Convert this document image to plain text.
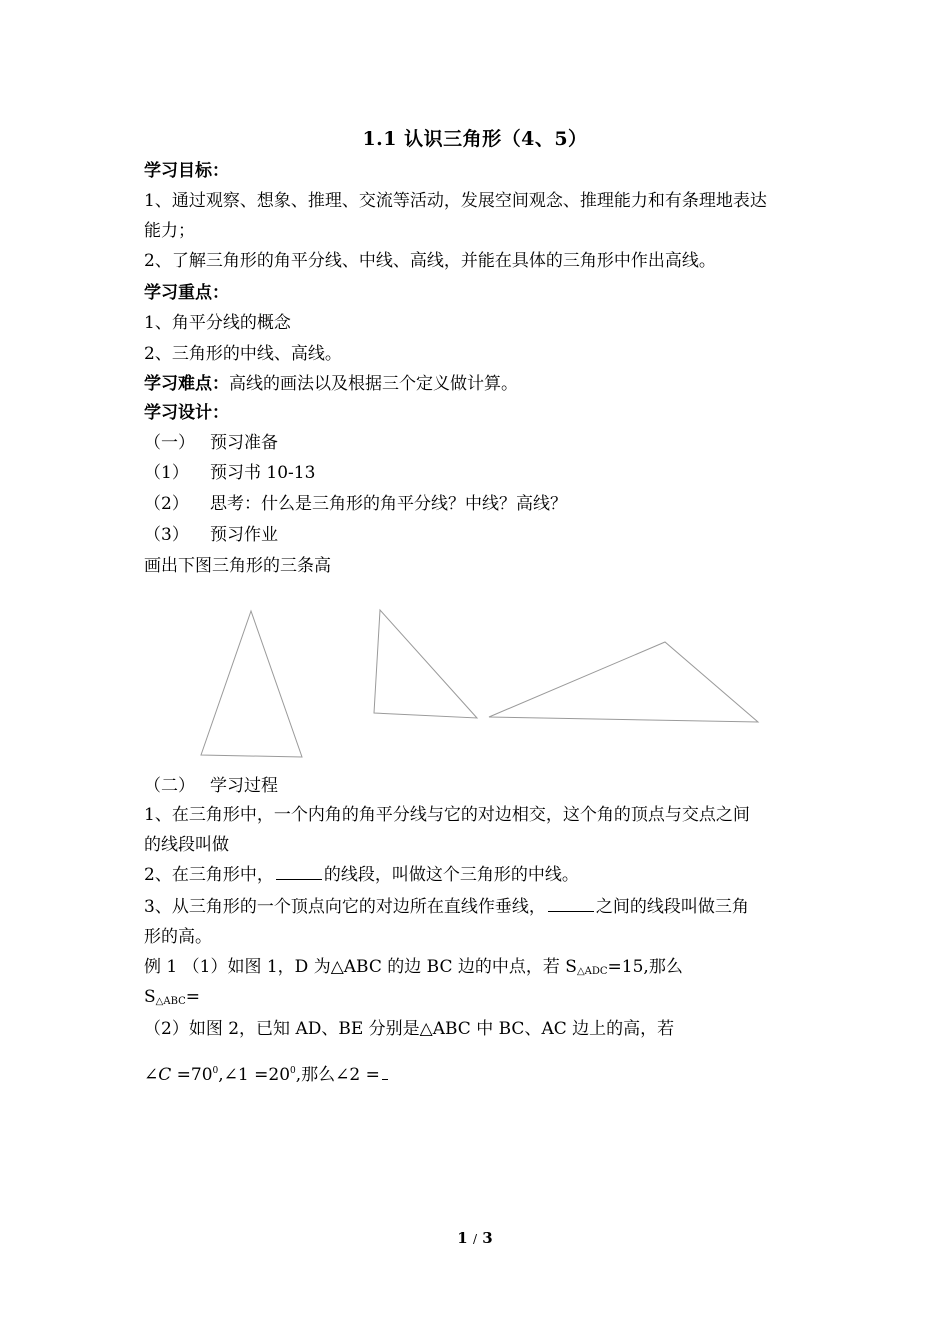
1.1 认识三角形（4、5）
学习目标：
1、通过观察、想象、推理、交流等活动，发展空间观念、推理能力和有条理地表达
能力；
2、了解三角形的角平分线、中线、高线，并能在具体的三角形中作出高线。
学习重点：
1、角平分线的概念
2、三角形的中线、高线。
学习难点：高线的画法以及根据三个定义做计算。
学习设计：
（一） 预习准备
（1） 预习书 10-13
（2） 思考：什么是三角形的角平分线？中线？高线？
（3） 预习作业
画出下图三角形的三条高
（二） 学习过程
1、在三角形中，一个内角的角平分线与它的对边相交，这个角的顶点与交点之间
的线段叫做
2、在三角形中，	的线段，叫做这个三角形的中线。
3、从三角形的一个顶点向它的对边所在直线作垂线，	之间的线段叫做三角
形的高。
例 1 （1）如图 1，D 为△ABC 的边 BC 边的中点，若 $S_{\triangle ADC}=15$,那么
$S_{\triangle ABC}=$
（2）如图 2，已知 AD、BE 分别是△ABC 中 BC、AC 边上的高，若
∠C $=70^0,\angle 1 =20^0$,那么∠2 =
1 / 3
